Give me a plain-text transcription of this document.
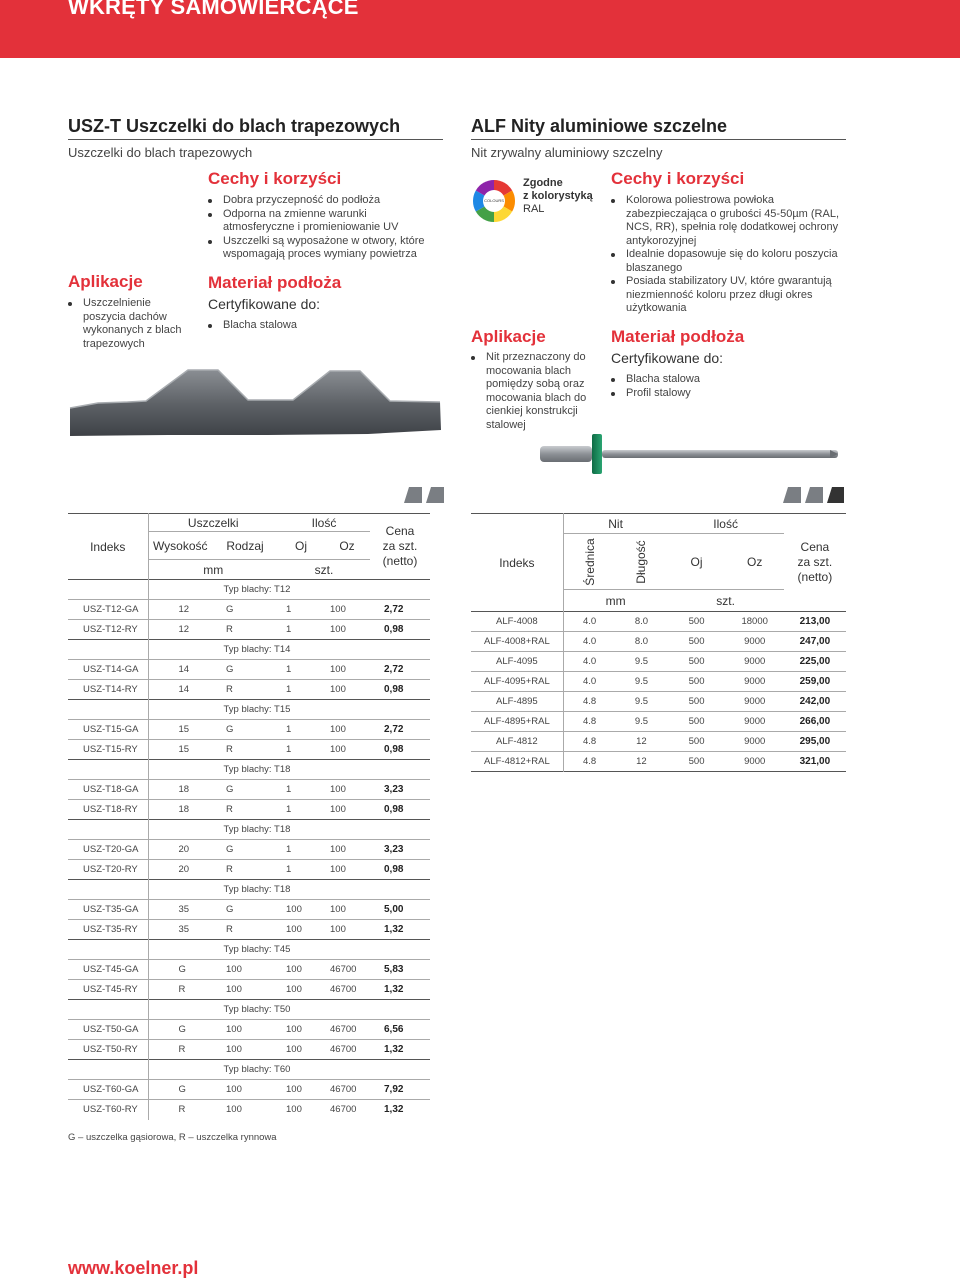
WKRĘTY SAMOWIERCĄCE
USZ-T Uszczelki do blach trapezowych
Uszczelki do blach trapezowych
Aplikacje
Uszczelnienie poszycia dachów wykonanych z blach trapezowych
Cechy i korzyści
Dobra przyczepność do podłoża
Odporna na zmienne warunki atmosferyczne i promieniowanie UV
Uszczelki są wyposażone w otwory, które wspomagają proces wymiany powietrza
Materiał podłoża
Certyfikowane do:
Blacha stalowa
ALF Nity aluminiowe szczelne
Nit zrywalny aluminiowy szczelny
COLOURS
Zgodne
z kolorystyką
RAL
Aplikacje
Nit przeznaczony do mocowania blach pomiędzy sobą oraz mocowania blach do cienkiej konstrukcji stalowej
Cechy i korzyści
Kolorowa poliestrowa powłoka zabezpieczająca o grubości 45-50µm (RAL, NCS, RR), spełnia rolę dodatkowej ochrony antykorozyjnej
Idealnie dopasowuje się do koloru poszycia blaszanego
Posiada stabilizatory UV, które gwarantują niezmienność koloru przez długi okres użytkowania
Materiał podłoża
Certyfikowane do:
Blacha stalowa
Profil stalowy
Indeks	Uszczelki		Ilość		Cena
za szt.
(netto)

	Wysokość	Rodzaj	Oj	Oz	
	mm		szt.		
	Typ blachy: T12				
USZ-T12-GA	12	G	1	100	2,72
USZ-T12-RY	12	R	1	100	0,98
	Typ blachy: T14				
USZ-T14-GA	14	G	1	100	2,72
USZ-T14-RY	14	R	1	100	0,98
	Typ blachy: T15				
USZ-T15-GA	15	G	1	100	2,72
USZ-T15-RY	15	R	1	100	0,98
	Typ blachy: T18				
USZ-T18-GA	18	G	1	100	3,23
USZ-T18-RY	18	R	1	100	0,98
	Typ blachy: T18				
USZ-T20-GA	20	G	1	100	3,23
USZ-T20-RY	20	R	1	100	0,98
	Typ blachy: T18				
USZ-T35-GA	35	G	100	100	5,00
USZ-T35-RY	35	R	100	100	1,32
	Typ blachy: T45				
USZ-T45-GA	G	100	100	46700	5,83
USZ-T45-RY	R	100	100	46700	1,32
	Typ blachy: T50				
USZ-T50-GA	G	100	100	46700	6,56
USZ-T50-RY	R	100	100	46700	1,32
	Typ blachy: T60				
USZ-T60-GA	G	100	100	46700	7,92
USZ-T60-RY	R	100	100	46700	1,32
G – uszczelka gąsiorowa, R – uszczelka rynnowa
Indeks	Nit		Ilość		Cena
za szt.
(netto)

	Średnica	Długość	Oj	Oz	
	mm		szt.		
ALF-4008	4.0	8.0	500	18000	213,00
ALF-4008+RAL	4.0	8.0	500	9000	247,00
ALF-4095	4.0	9.5	500	9000	225,00
ALF-4095+RAL	4.0	9.5	500	9000	259,00
ALF-4895	4.8	9.5	500	9000	242,00
ALF-4895+RAL	4.8	9.5	500	9000	266,00
ALF-4812	4.8	12	500	9000	295,00
ALF-4812+RAL	4.8	12	500	9000	321,00

www.koelner.pl
